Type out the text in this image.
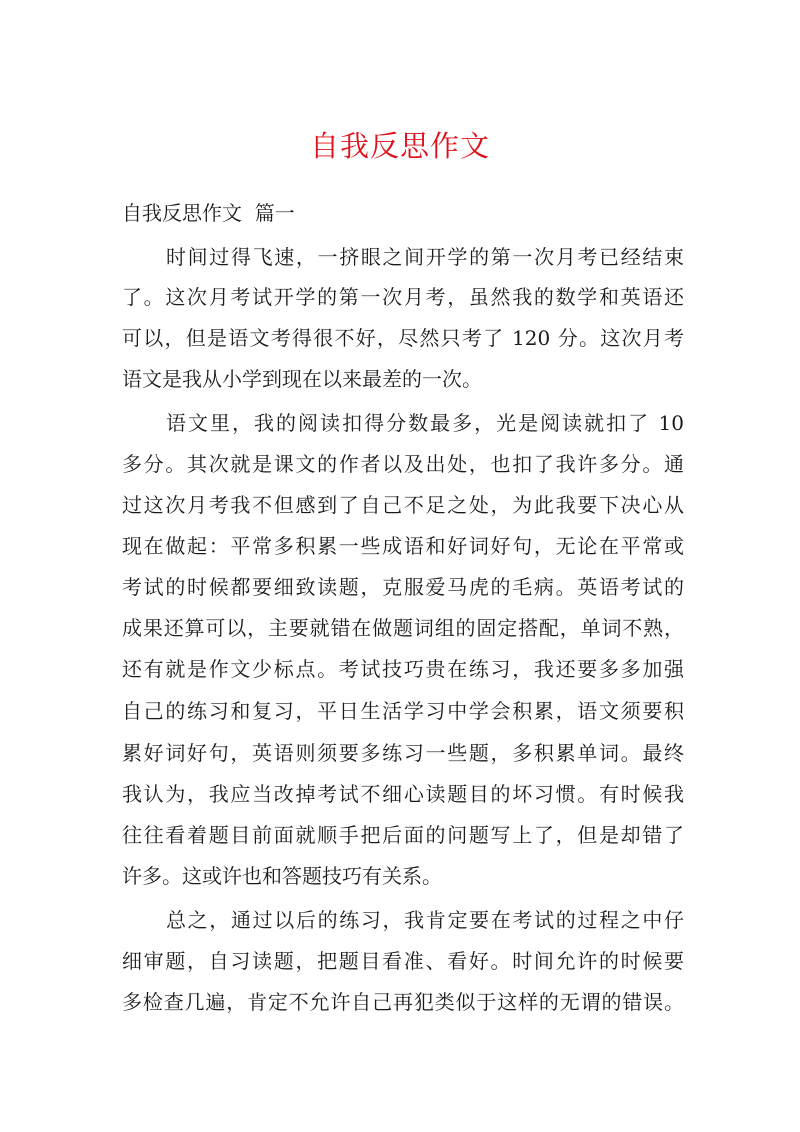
自我反思作文
自我反思作文  篇一
时间过得飞速，一挤眼之间开学的第一次月考已经结束
了。这次月考试开学的第一次月考，虽然我的数学和英语还
可以，但是语文考得很不好，尽然只考了 120 分。这次月考
语文是我从小学到现在以来最差的一次。
语文里，我的阅读扣得分数最多，光是阅读就扣了 10
多分。其次就是课文的作者以及出处，也扣了我许多分。通
过这次月考我不但感到了自己不足之处，为此我要下决心从
现在做起：平常多积累一些成语和好词好句，无论在平常或
考试的时候都要细致读题，克服爱马虎的毛病。英语考试的
成果还算可以，主要就错在做题词组的固定搭配，单词不熟，
还有就是作文少标点。考试技巧贵在练习，我还要多多加强
自己的练习和复习，平日生活学习中学会积累，语文须要积
累好词好句，英语则须要多练习一些题，多积累单词。最终
我认为，我应当改掉考试不细心读题目的坏习惯。有时候我
往往看着题目前面就顺手把后面的问题写上了，但是却错了
许多。这或许也和答题技巧有关系。
总之，通过以后的练习，我肯定要在考试的过程之中仔
细审题，自习读题，把题目看准、看好。时间允许的时候要
多检查几遍，肯定不允许自己再犯类似于这样的无谓的错误。
